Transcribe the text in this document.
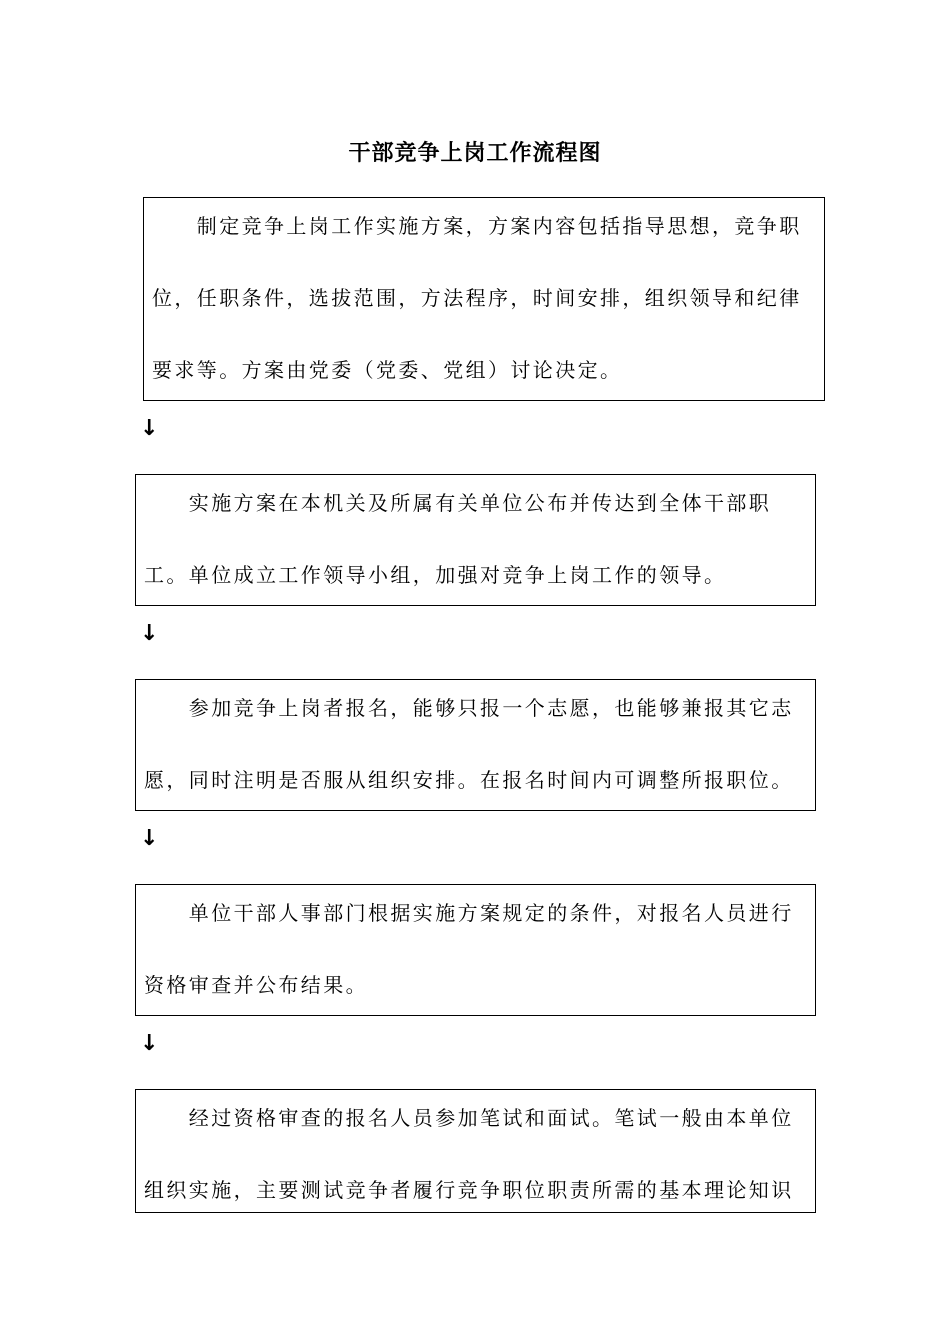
干部竞争上岗工作流程图

　　制定竞争上岗工作实施方案，方案内容包括指导思想，竞争职

位，任职条件，选拔范围，方法程序，时间安排，组织领导和纪律

要求等。方案由党委（党委、党组）讨论决定。

↓

　　实施方案在本机关及所属有关单位公布并传达到全体干部职

工。单位成立工作领导小组，加强对竞争上岗工作的领导。

↓

　　参加竞争上岗者报名，能够只报一个志愿，也能够兼报其它志

愿，同时注明是否服从组织安排。在报名时间内可调整所报职位。

↓

　　单位干部人事部门根据实施方案规定的条件，对报名人员进行

资格审查并公布结果。

↓

　　经过资格审查的报名人员参加笔试和面试。笔试一般由本单位

组织实施，主要测试竞争者履行竞争职位职责所需的基本理论知识
